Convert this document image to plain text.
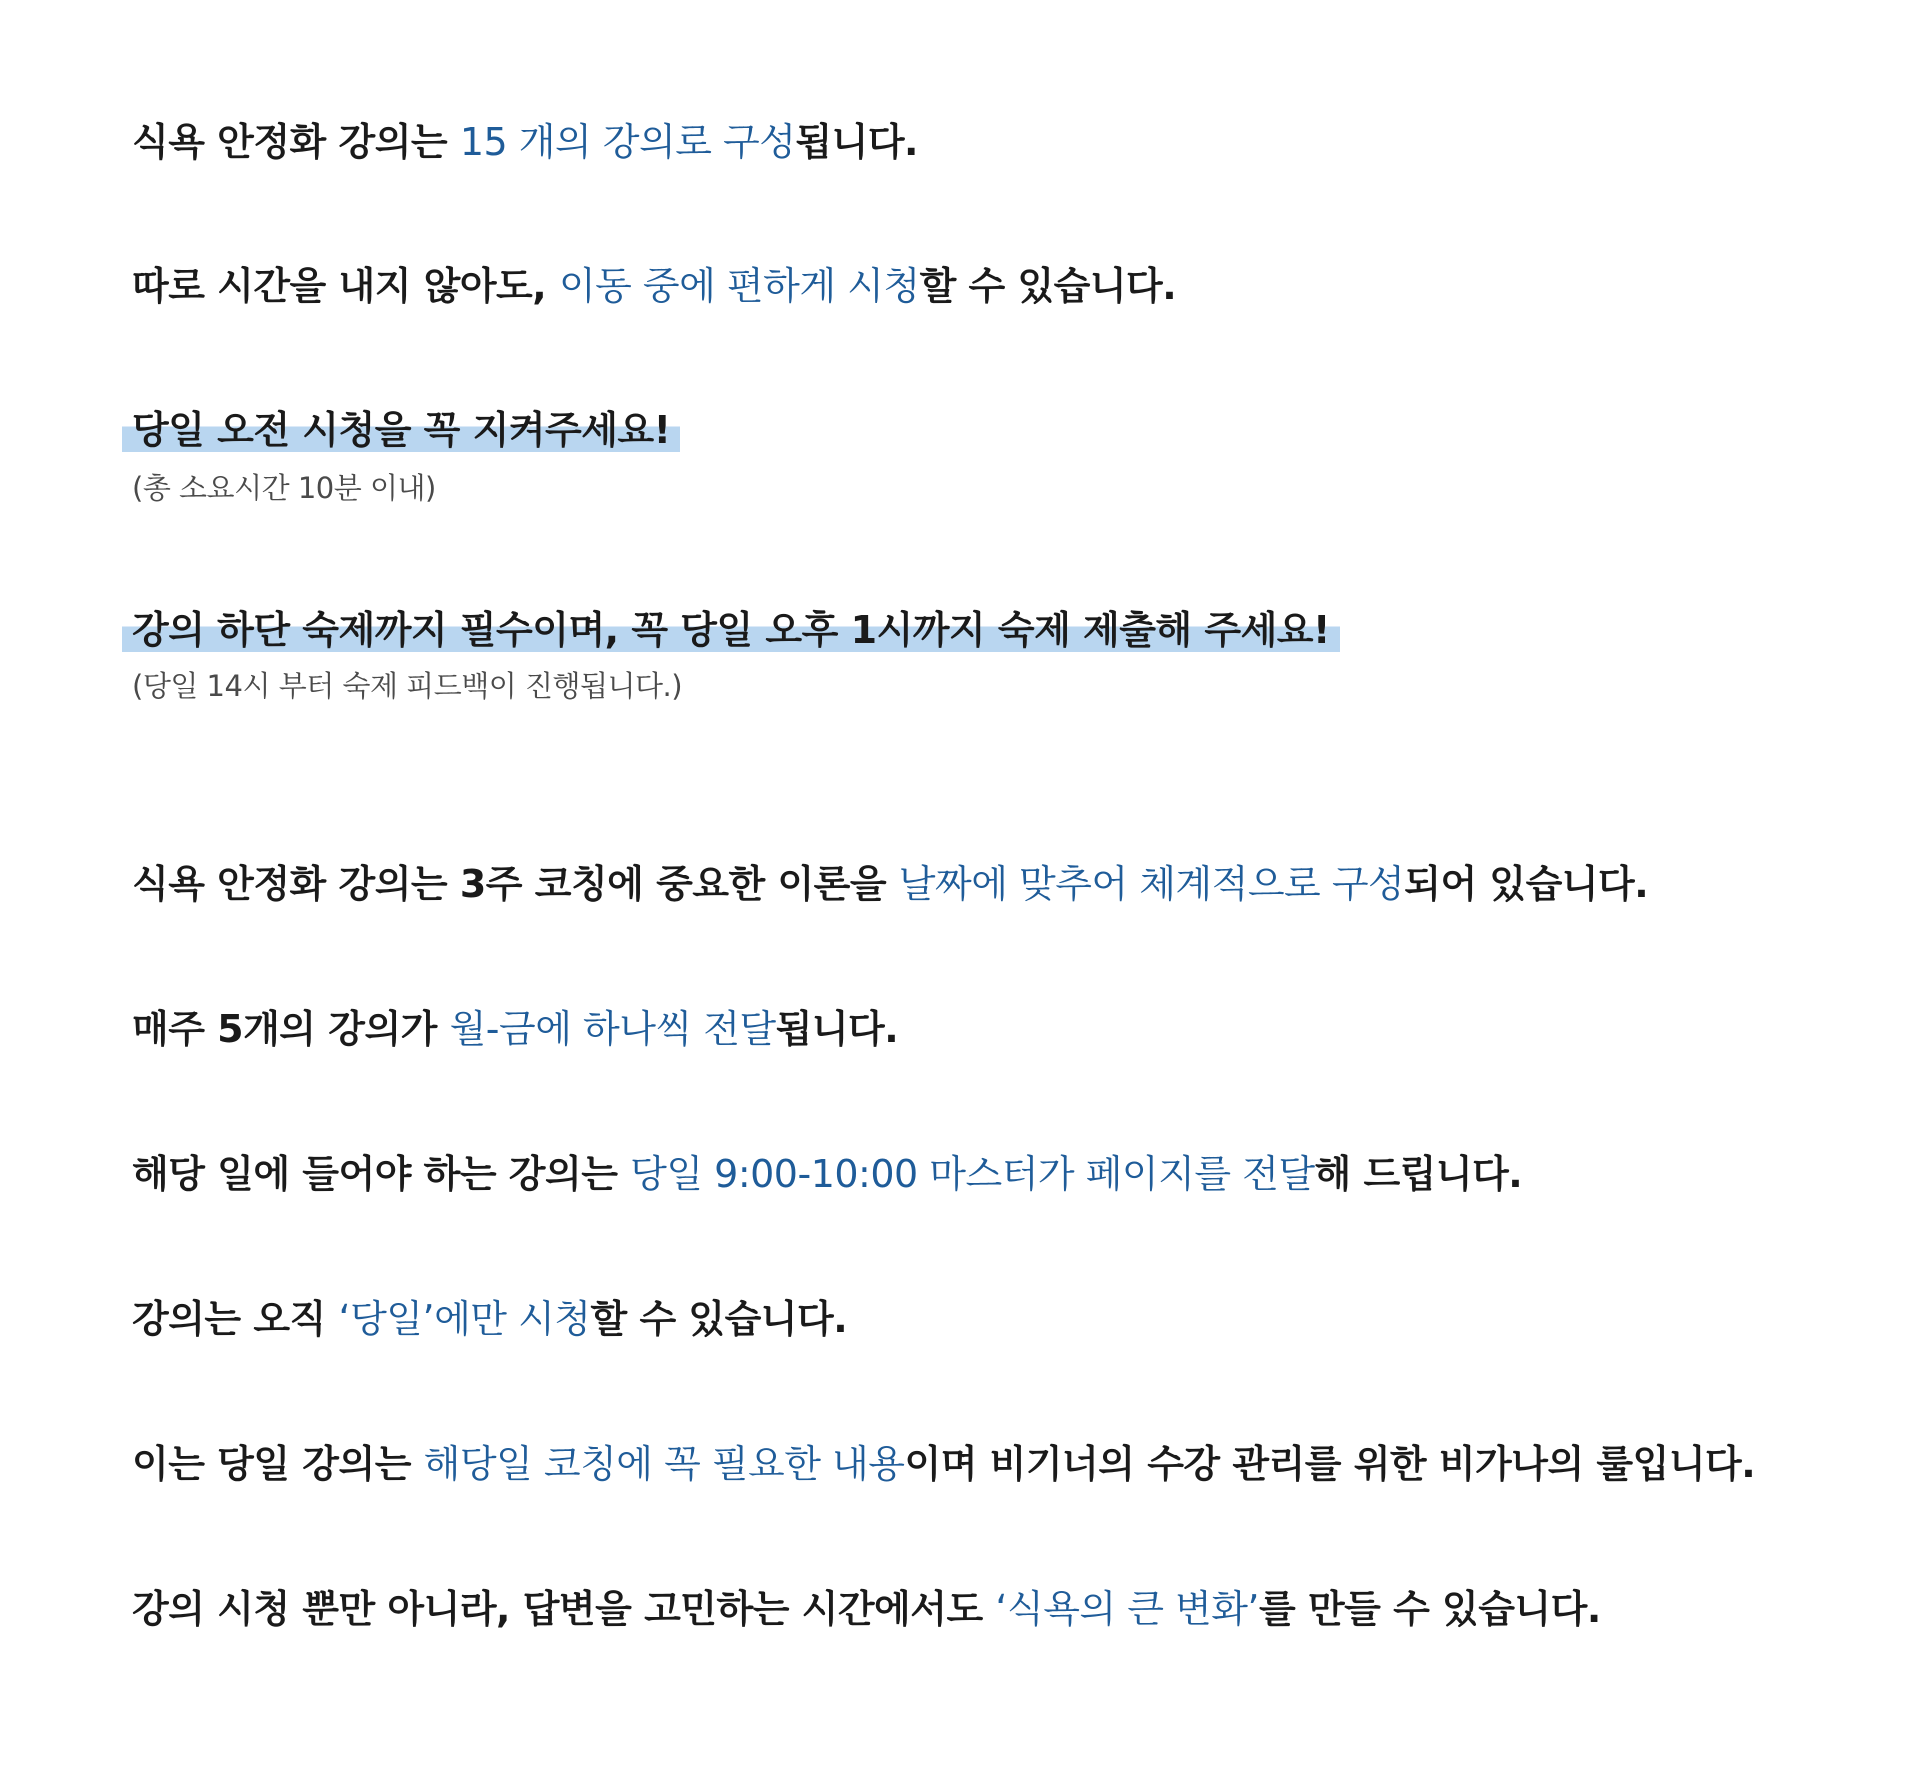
식욕 안정화 강의는 15 개의 강의로 구성됩니다.
따로 시간을 내지 않아도, 이동 중에 편하게 시청할 수 있습니다.
당일 오전 시청을 꼭 지켜주세요!
(총 소요시간 10분 이내)
강의 하단 숙제까지 필수이며, 꼭 당일 오후 1시까지 숙제 제출해 주세요!
(당일 14시 부터 숙제 피드백이 진행됩니다.)
식욕 안정화 강의는 3주 코칭에 중요한 이론을 날짜에 맞추어 체계적으로 구성되어 있습니다.
매주 5개의 강의가 월-금에 하나씩 전달됩니다.
해당 일에 들어야 하는 강의는 당일 9:00-10:00 마스터가 페이지를 전달해 드립니다.
강의는 오직 ‘당일’에만 시청할 수 있습니다.
이는 당일 강의는 해당일 코칭에 꼭 필요한 내용이며 비기너의 수강 관리를 위한 비가나의 룰입니다.
강의 시청 뿐만 아니라, 답변을 고민하는 시간에서도 ‘식욕의 큰 변화’를 만들 수 있습니다.
